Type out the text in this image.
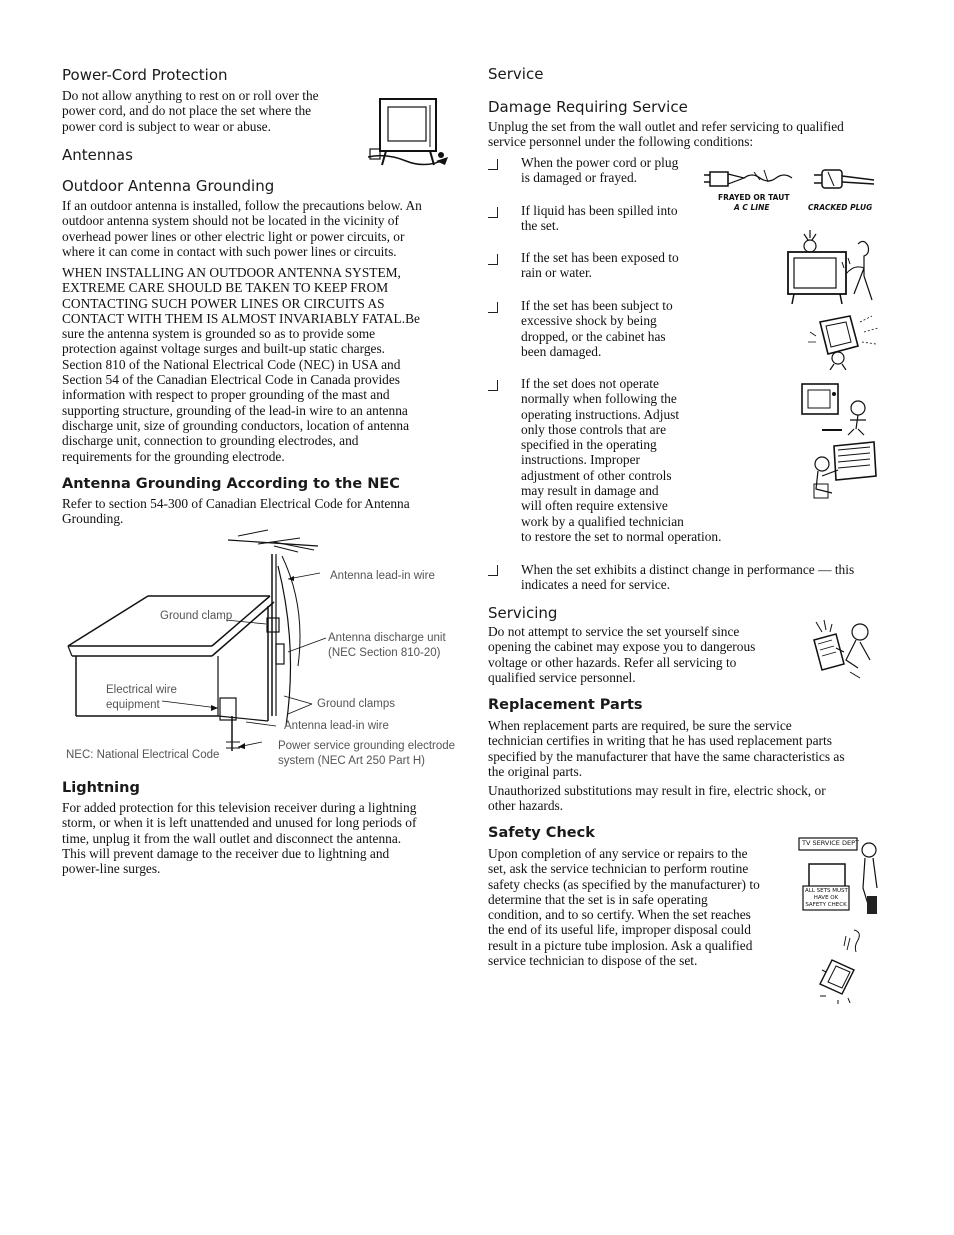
Power-Cord Protection
Do not allow anything to rest on or roll over the
power cord, and do not place the set where the
power cord is subject to wear or abuse.
Antennas
Outdoor Antenna Grounding
If an outdoor antenna is installed, follow the precautions below. An
outdoor antenna system should not be located in the vicinity of
overhead power lines or other electric light or power circuits, or
where it can come in contact with such power lines or circuits.
WHEN INSTALLING AN OUTDOOR ANTENNA SYSTEM,
EXTREME CARE SHOULD BE TAKEN TO KEEP FROM
CONTACTING SUCH POWER LINES OR CIRCUITS AS
CONTACT WITH THEM IS ALMOST INVARIABLY FATAL.Be
sure the antenna system is grounded so as to provide some
protection against voltage surges and built-up static charges.
Section 810 of the National Electrical Code (NEC) in USA and
Section 54 of the Canadian Electrical Code in Canada provides
information with respect to proper grounding of the mast and
supporting structure, grounding of the lead-in wire to an antenna
discharge unit, size of grounding conductors, location of antenna
discharge unit, connection to grounding electrodes, and
requirements for the grounding electrode.
Antenna Grounding According to the NEC
Refer to section 54-300 of Canadian Electrical Code for Antenna
Grounding.
Antenna lead-in wire
Ground clamp
Antenna discharge unit
(NEC Section 810-20)
Electrical wire
equipment	Ground clamps
Antenna lead-in wire
NEC: National Electrical Code
Power service grounding electrode
system (NEC Art 250 Part H)
Lightning
For added protection for this television receiver during a lightning
storm, or when it is left unattended and unused for long periods of
time, unplug it from the wall outlet and disconnect the antenna.
This will prevent damage to the receiver due to lightning and
power-line surges.
Service
Damage Requiring Service
Unplug the set from the wall outlet and refer servicing to qualified
service personnel under the following conditions:
When the power cord or plug
is damaged or frayed.
If liquid has been spilled into
the set.
If the set has been exposed to
rain or water.
If the set has been subject to
excessive shock by being
dropped, or the cabinet has
been damaged.
If the set does not operate
normally when following the
operating instructions. Adjust
only those controls that are
specified in the operating
instructions. Improper
adjustment of other controls
may result in damage and
will often require extensive
work by a qualified technician
to restore the set to normal operation.
When the set exhibits a distinct change in performance — this
indicates a need for service.
FRAYED OR TAUT
A C LINE	CRACKED PLUG
Servicing
Do not attempt to service the set yourself since
opening the cabinet may expose you to dangerous
voltage or other hazards. Refer all servicing to
qualified service personnel.
Replacement Parts
When replacement parts are required, be sure the service
technician certifies in writing that he has used replacement parts
specified by the manufacturer that have the same characteristics as
the original parts.
Unauthorized substitutions may result in fire, electric shock, or
other hazards.
Safety Check
Upon completion of any service or repairs to the
set, ask the service technician to perform routine
safety checks (as specified by the manufacturer) to
determine that the set is in safe operating
condition, and to so certify. When the set reaches
the end of its useful life, improper disposal could
result in a picture tube implosion. Ask a qualified
service technician to dispose of the set.
TV SERVICE DEPT
ALL SETS MUST
HAVE OK
SAFETY CHECK
